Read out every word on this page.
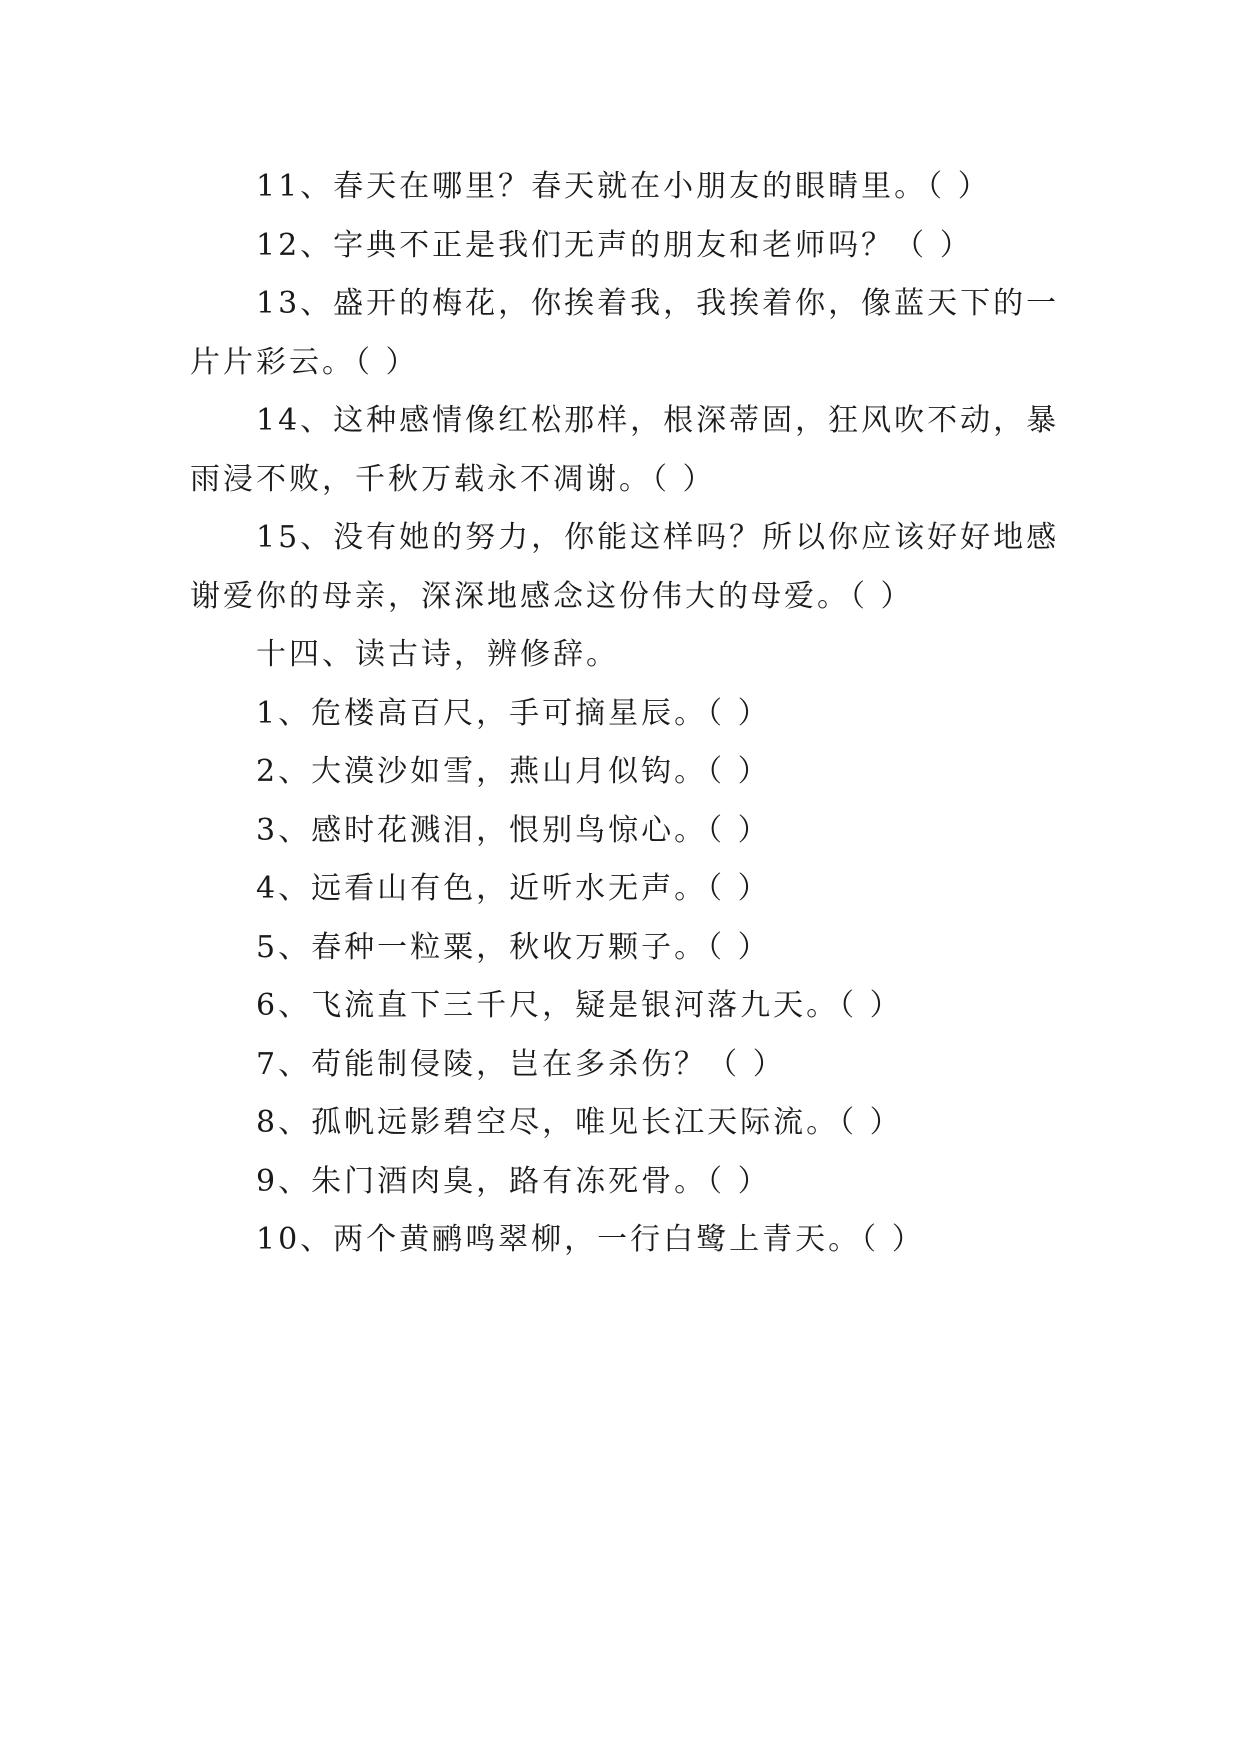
11、春天在哪里？春天就在小朋友的眼睛里。（ ）
12、字典不正是我们无声的朋友和老师吗？（ ）
13、盛开的梅花，你挨着我，我挨着你，像蓝天下的一
片片彩云。（ ）
14、这种感情像红松那样，根深蒂固，狂风吹不动，暴
雨浸不败，千秋万载永不凋谢。（ ）
15、没有她的努力，你能这样吗？所以你应该好好地感
谢爱你的母亲，深深地感念这份伟大的母爱。（ ）
十四、读古诗，辨修辞。
1、危楼高百尺，手可摘星辰。（ ）
2、大漠沙如雪，燕山月似钩。（ ）
3、感时花溅泪，恨别鸟惊心。（ ）
4、远看山有色，近听水无声。（ ）
5、春种一粒粟，秋收万颗子。（ ）
6、飞流直下三千尺，疑是银河落九天。（ ）
7、苟能制侵陵，岂在多杀伤？（ ）
8、孤帆远影碧空尽，唯见长江天际流。（ ）
9、朱门酒肉臭，路有冻死骨。（ ）
10、两个黄鹂鸣翠柳，一行白鹭上青天。（ ）
